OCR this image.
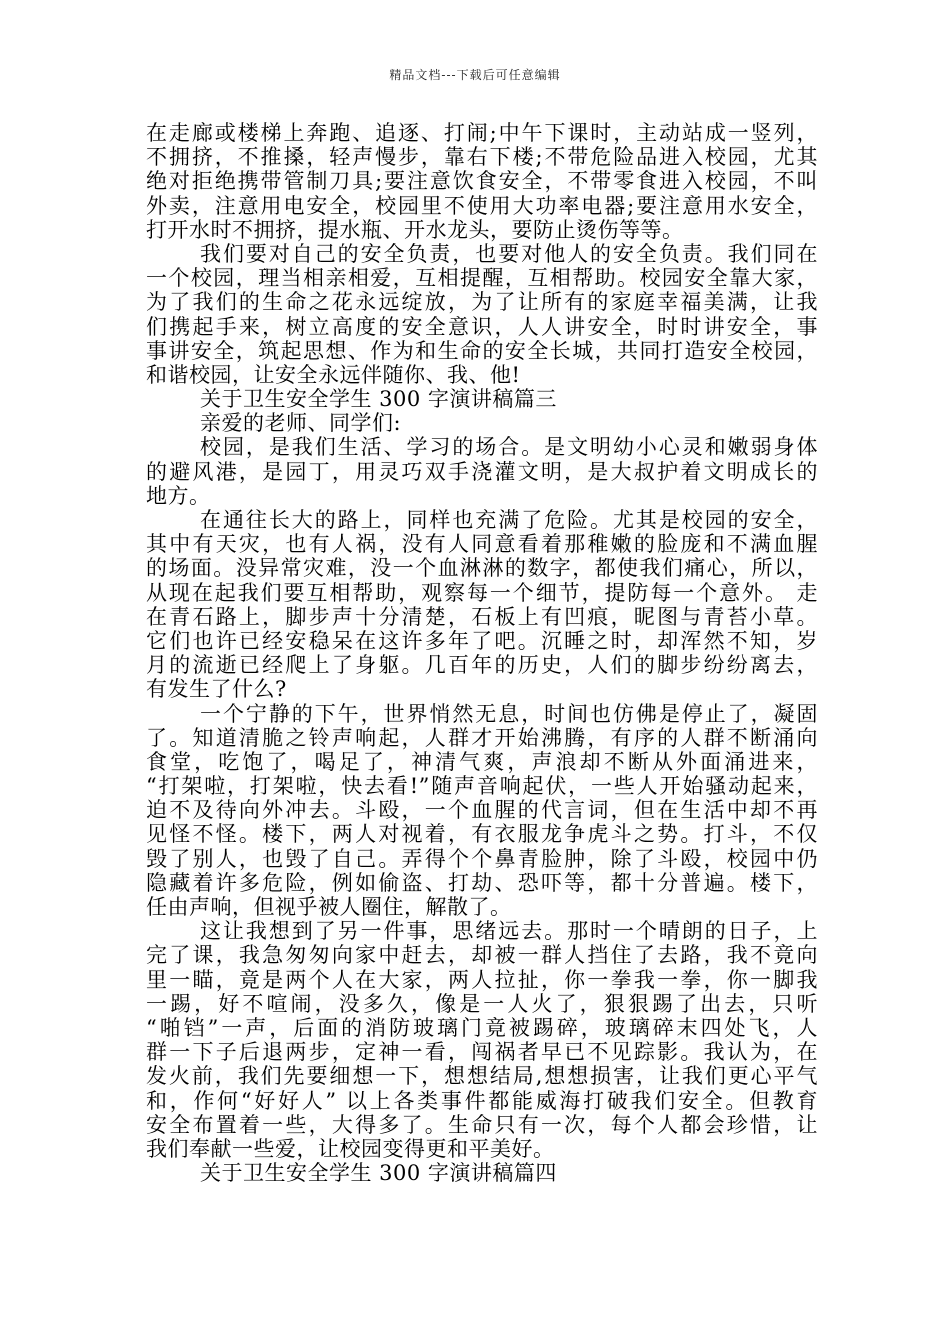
精品文档---下载后可任意编辑
在走廊或楼梯上奔跑、追逐、打闹;中午下课时，主动站成一竖列，
不拥挤，不推搡，轻声慢步，靠右下楼;不带危险品进入校园，尤其
绝对拒绝携带管制刀具;要注意饮食安全，不带零食进入校园，不叫
外卖，注意用电安全，校园里不使用大功率电器;要注意用水安全，
打开水时不拥挤，提水瓶、开水龙头，要防止烫伤等等。
我们要对自己的安全负责，也要对他人的安全负责。我们同在
一个校园，理当相亲相爱，互相提醒，互相帮助。校园安全靠大家，
为了我们的生命之花永远绽放，为了让所有的家庭幸福美满，让我
们携起手来，树立高度的安全意识，人人讲安全，时时讲安全，事
事讲安全，筑起思想、作为和生命的安全长城，共同打造安全校园，
和谐校园，让安全永远伴随你、我、他!
关于卫生安全学生 300 字演讲稿篇三
亲爱的老师、同学们:
校园，是我们生活、学习的场合。是文明幼小心灵和嫩弱身体
的避风港，是园丁，用灵巧双手浇灌文明，是大叔护着文明成长的
地方。
在通往长大的路上，同样也充满了危险。尤其是校园的安全，
其中有天灾，也有人祸，没有人同意看着那稚嫩的脸庞和不满血腥
的场面。没异常灾难，没一个血淋淋的数字，都使我们痛心，所以，
从现在起我们要互相帮助，观察每一个细节，提防每一个意外。 走
在青石路上，脚步声十分清楚，石板上有凹痕，昵图与青苔小草。
它们也许已经安稳呆在这许多年了吧。沉睡之时，却浑然不知，岁
月的流逝已经爬上了身躯。几百年的历史，人们的脚步纷纷离去，
有发生了什么?
一个宁静的下午，世界悄然无息，时间也仿佛是停止了，凝固
了。知道清脆之铃声响起，人群才开始沸腾，有序的人群不断涌向
食堂，吃饱了，喝足了，神清气爽，声浪却不断从外面涌进来，
“打架啦，打架啦，快去看!”随声音响起伏，一些人开始骚动起来，
迫不及待向外冲去。斗殴，一个血腥的代言词，但在生活中却不再
见怪不怪。楼下，两人对视着，有衣服龙争虎斗之势。打斗，不仅
毁了别人，也毁了自己。弄得个个鼻青脸肿，除了斗殴，校园中仍
隐藏着许多危险，例如偷盗、打劫、恐吓等，都十分普遍。楼下，
任由声响，但视乎被人圈住，解散了。
这让我想到了另一件事，思绪远去。那时一个晴朗的日子，上
完了课，我急匆匆向家中赶去，却被一群人挡住了去路，我不竟向
里一瞄，竟是两个人在大家，两人拉扯，你一拳我一拳，你一脚我
一踢，好不喧闹，没多久，像是一人火了，狠狠踢了出去，只听
“啪铛”一声，后面的消防玻璃门竟被踢碎，玻璃碎末四处飞，人
群一下子后退两步，定神一看，闯祸者早已不见踪影。我认为，在
发火前，我们先要细想一下，想想结局,想想损害，让我们更心平气
和，作何“好好人” 以上各类事件都能威海打破我们安全。但教育
安全布置着一些，大得多了。生命只有一次，每个人都会珍惜，让
我们奉献一些爱，让校园变得更和平美好。
关于卫生安全学生 300 字演讲稿篇四
